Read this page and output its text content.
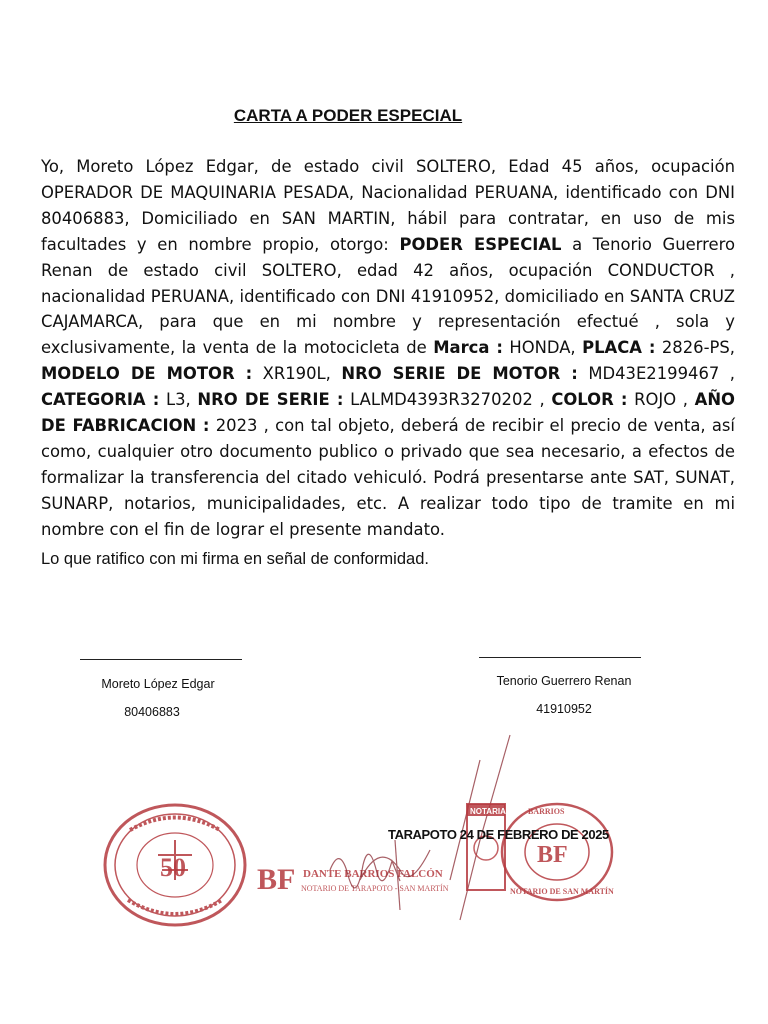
CARTA A PODER ESPECIAL
Yo, Moreto López Edgar, de estado civil SOLTERO, Edad 45 años, ocupación OPERADOR DE MAQUINARIA PESADA, Nacionalidad PERUANA, identificado con DNI 80406883, Domiciliado en SAN MARTIN, hábil para contratar, en uso de mis facultades y en nombre propio, otorgo: PODER ESPECIAL a Tenorio Guerrero Renan de estado civil SOLTERO, edad 42 años, ocupación CONDUCTOR , nacionalidad PERUANA, identificado con DNI 41910952, domiciliado en SANTA CRUZ CAJAMARCA, para que en mi nombre y representación efectué , sola y exclusivamente, la venta de la motocicleta de Marca : HONDA, PLACA : 2826-PS, MODELO DE MOTOR : XR190L, NRO SERIE DE MOTOR : MD43E2199467 , CATEGORIA : L3, NRO DE SERIE : LALMD4393R3270202 , COLOR : ROJO , AÑO DE FABRICACION : 2023 , con tal objeto, deberá de recibir el precio de venta, así como, cualquier otro documento publico o privado que sea necesario, a efectos de formalizar la transferencia del citado vehiculó. Podrá presentarse ante SAT, SUNAT, SUNARP, notarios, municipalidades, etc. A realizar todo tipo de tramite en mi nombre con el fin de lograr el presente mandato.
Lo que ratifico con mi firma en señal de conformidad.
Moreto López Edgar
80406883
Tenorio Guerrero Renan
41910952
50 BF DANTE BARRIOS FALCÓN
NOTARIO DE TARAPOTO - SAN MARTÍN
NOTARIA
BF
BARRIOS
NOTARIO DE SAN MARTÍN
TARAPOTO 24 DE FEBRERO DE 2025
